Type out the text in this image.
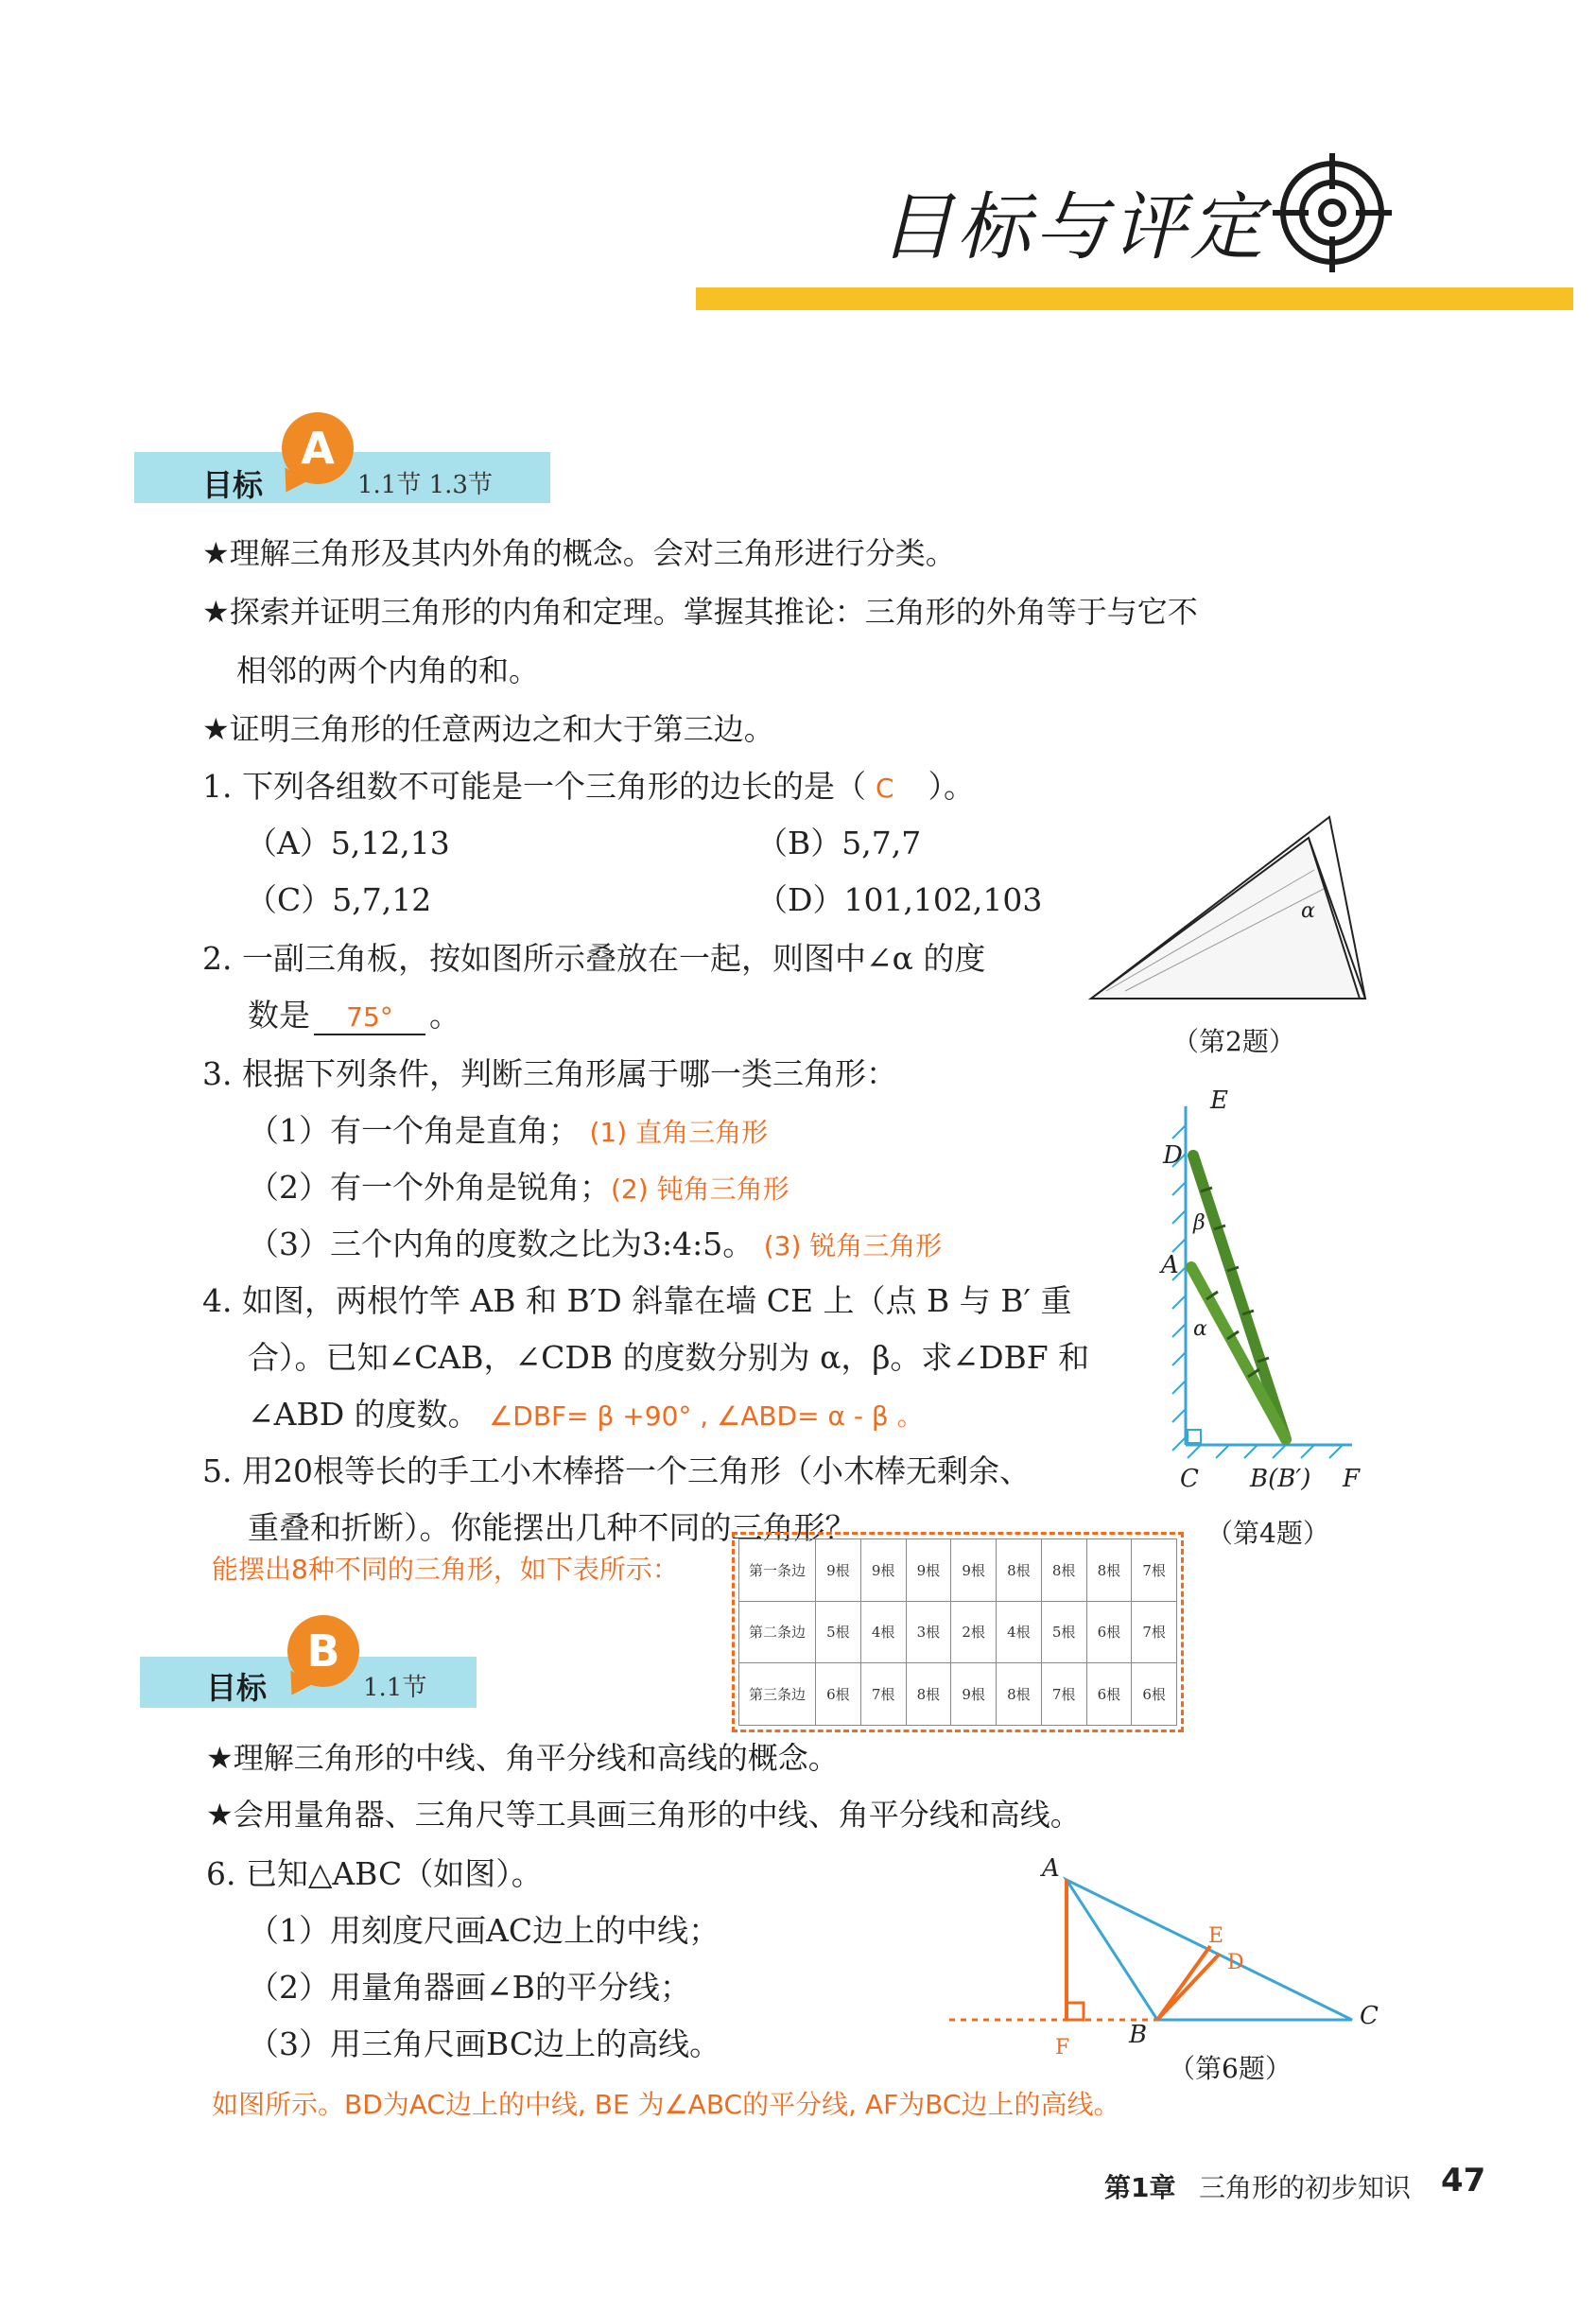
目标与评定
目标
A
1.1节 1.3节
★理解三角形及其内外角的概念。会对三角形进行分类。
★探索并证明三角形的内角和定理。掌握其推论：三角形的外角等于与它不
相邻的两个内角的和。
★证明三角形的任意两边之和大于第三边。
1. 下列各组数不可能是一个三角形的边长的是（ C ）。
（A）5,12,13	（B）5,7,7
（C）5,7,12	（D）101,102,103
2. 一副三角板，按如图所示叠放在一起，则图中∠α 的度
数是 75° 。
α
（第2题）
3. 根据下列条件，判断三角形属于哪一类三角形：
（1）有一个角是直角； (1) 直角三角形
（2）有一个外角是锐角；(2) 钝角三角形
（3）三个内角的度数之比为3:4:5。 (3) 锐角三角形
4. 如图，两根竹竿 AB 和 B′D 斜靠在墙 CE 上（点 B 与 B′ 重
合）。已知∠CAB，∠CDB 的度数分别为 α，β。求∠DBF 和
∠ABD 的度数。 ∠DBF= β +90° , ∠ABD= α - β 。
E
D
A
β
α
C B(B′) F
（第4题）
5. 用20根等长的手工小木棒搭一个三角形（小木棒无剩余、
重叠和折断）。你能摆出几种不同的三角形？
能摆出8种不同的三角形，如下表所示：	第一条边	9根	9根	9根	9根	8根	8根	8根	7根
第二条边	5根	4根	3根	2根	4根	5根	6根	7根
第三条边	6根	7根	8根	9根	8根	7根	6根	6根
目标
B
1.1节
★理解三角形的中线、角平分线和高线的概念。
★会用量角器、三角尺等工具画三角形的中线、角平分线和高线。
6. 已知△ABC（如图）。
（1）用刻度尺画AC边上的中线；
（2）用量角器画∠B的平分线；
（3）用三角尺画BC边上的高线。
A
B
C
D
E
F
（第6题）
如图所示。BD为AC边上的中线, BE 为∠ABC的平分线, AF为BC边上的高线。
第1章 三角形的初步知识 47
